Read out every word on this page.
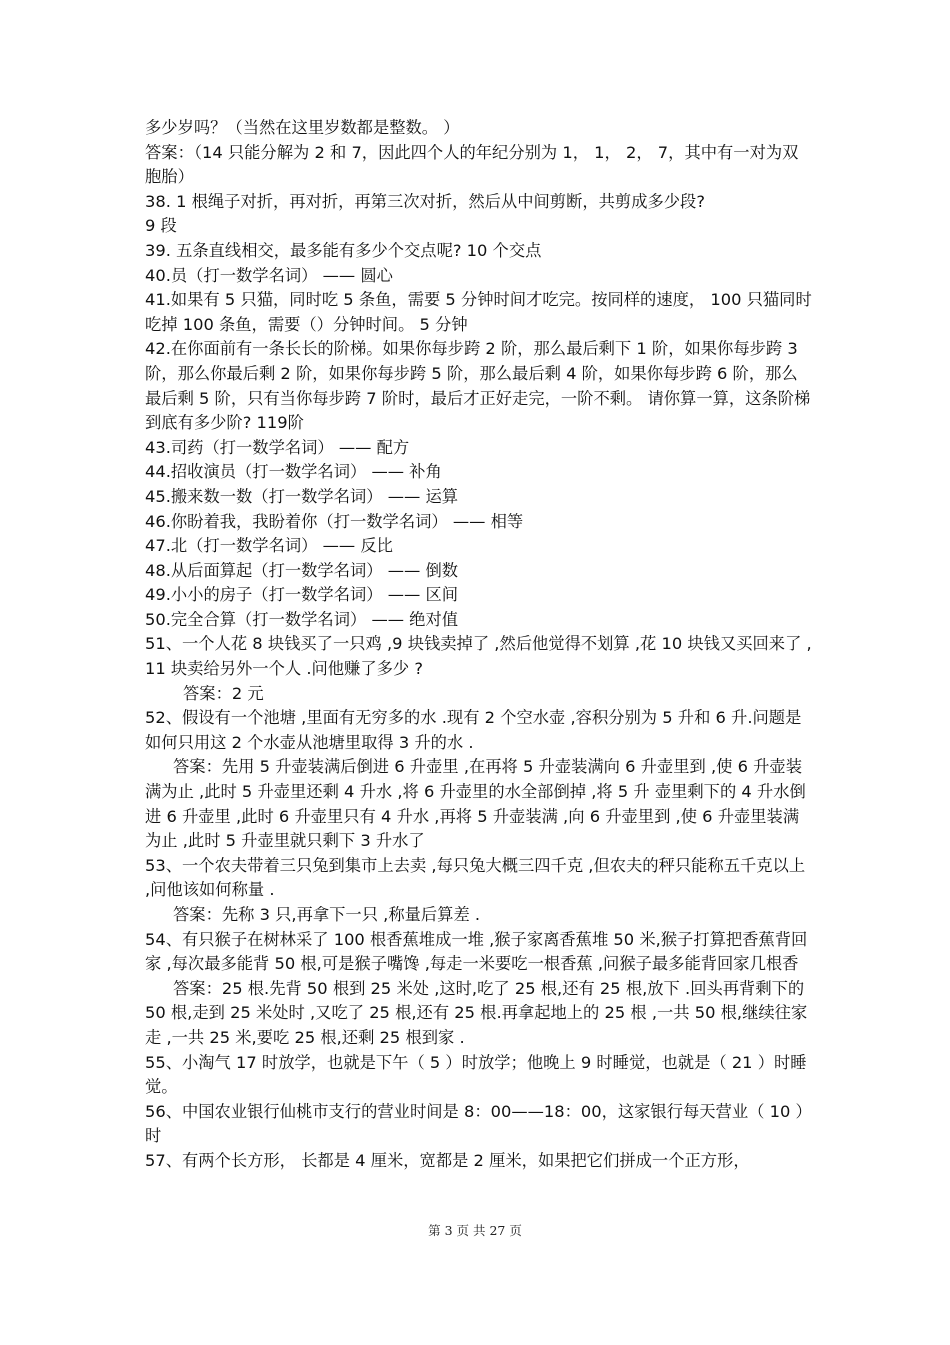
多少岁吗？（当然在这里岁数都是整数。 ）

答案：（14 只能分解为 2 和 7，因此四个人的年纪分别为 1， 1， 2， 7，其中有一对为双胞胎）

38. 1 根绳子对折，再对折，再第三次对折，然后从中间剪断，共剪成多少段?

9 段

39. 五条直线相交，最多能有多少个交点呢? 10 个交点

40.员（打一数学名词） —— 圆心

41.如果有 5 只猫，同时吃 5 条鱼，需要 5 分钟时间才吃完。按同样的速度， 100 只猫同时吃掉 100 条鱼，需要（）分钟时间。 5 分钟

42.在你面前有一条长长的阶梯。如果你每步跨 2 阶，那么最后剩下 1 阶，如果你每步跨 3 阶，那么你最后剩 2 阶，如果你每步跨 5 阶，那么最后剩 4 阶，如果你每步跨 6 阶，那么最后剩 5 阶，只有当你每步跨 7 阶时，最后才正好走完，一阶不剩。 请你算一算，这条阶梯到底有多少阶? 119阶

43.司药（打一数学名词） —— 配方

44.招收演员（打一数学名词） —— 补角

45.搬来数一数（打一数学名词） —— 运算

46.你盼着我，我盼着你（打一数学名词） —— 相等

47.北（打一数学名词） —— 反比

48.从后面算起（打一数学名词） —— 倒数

49.小小的房子（打一数学名词） —— 区间

50.完全合算（打一数学名词） —— 绝对值

51、一个人花 8 块钱买了一只鸡 ,9 块钱卖掉了 ,然后他觉得不划算 ,花 10 块钱又买回来了 ,11 块卖给另外一个人 .问他赚了多少 ?

答案：2 元

52、假设有一个池塘 ,里面有无穷多的水 .现有 2 个空水壶 ,容积分别为 5 升和 6 升.问题是如何只用这 2 个水壶从池塘里取得 3 升的水 .

答案：先用 5 升壶装满后倒进 6 升壶里 ,在再将 5 升壶装满向 6 升壶里到 ,使 6 升壶装满为止 ,此时 5 升壶里还剩 4 升水 ,将 6 升壶里的水全部倒掉 ,将 5 升 壶里剩下的 4 升水倒进 6 升壶里 ,此时 6 升壶里只有 4 升水 ,再将 5 升壶装满 ,向 6 升壶里到 ,使 6 升壶里装满为止 ,此时 5 升壶里就只剩下 3 升水了

53、一个农夫带着三只兔到集市上去卖 ,每只兔大概三四千克 ,但农夫的秤只能称五千克以上 ,问他该如何称量 .

答案：先称 3 只,再拿下一只 ,称量后算差 .

54、有只猴子在树林采了 100 根香蕉堆成一堆 ,猴子家离香蕉堆 50 米,猴子打算把香蕉背回家 ,每次最多能背 50 根,可是猴子嘴馋 ,每走一米要吃一根香蕉 ,问猴子最多能背回家几根香

答案：25 根.先背 50 根到 25 米处 ,这时,吃了 25 根,还有 25 根,放下 .回头再背剩下的 50 根,走到 25 米处时 ,又吃了 25 根,还有 25 根.再拿起地上的 25 根 ,一共 50 根,继续往家走 ,一共 25 米,要吃 25 根,还剩 25 根到家 .

55、小淘气 17 时放学，也就是下午（ 5 ）时放学；他晚上 9 时睡觉，也就是（ 21 ）时睡觉。

56、中国农业银行仙桃市支行的营业时间是 8：00——18：00，这家银行每天营业（ 10 ）时

57、有两个长方形， 长都是 4 厘米，宽都是 2 厘米，如果把它们拼成一个正方形，

第 3 页 共 27 页
